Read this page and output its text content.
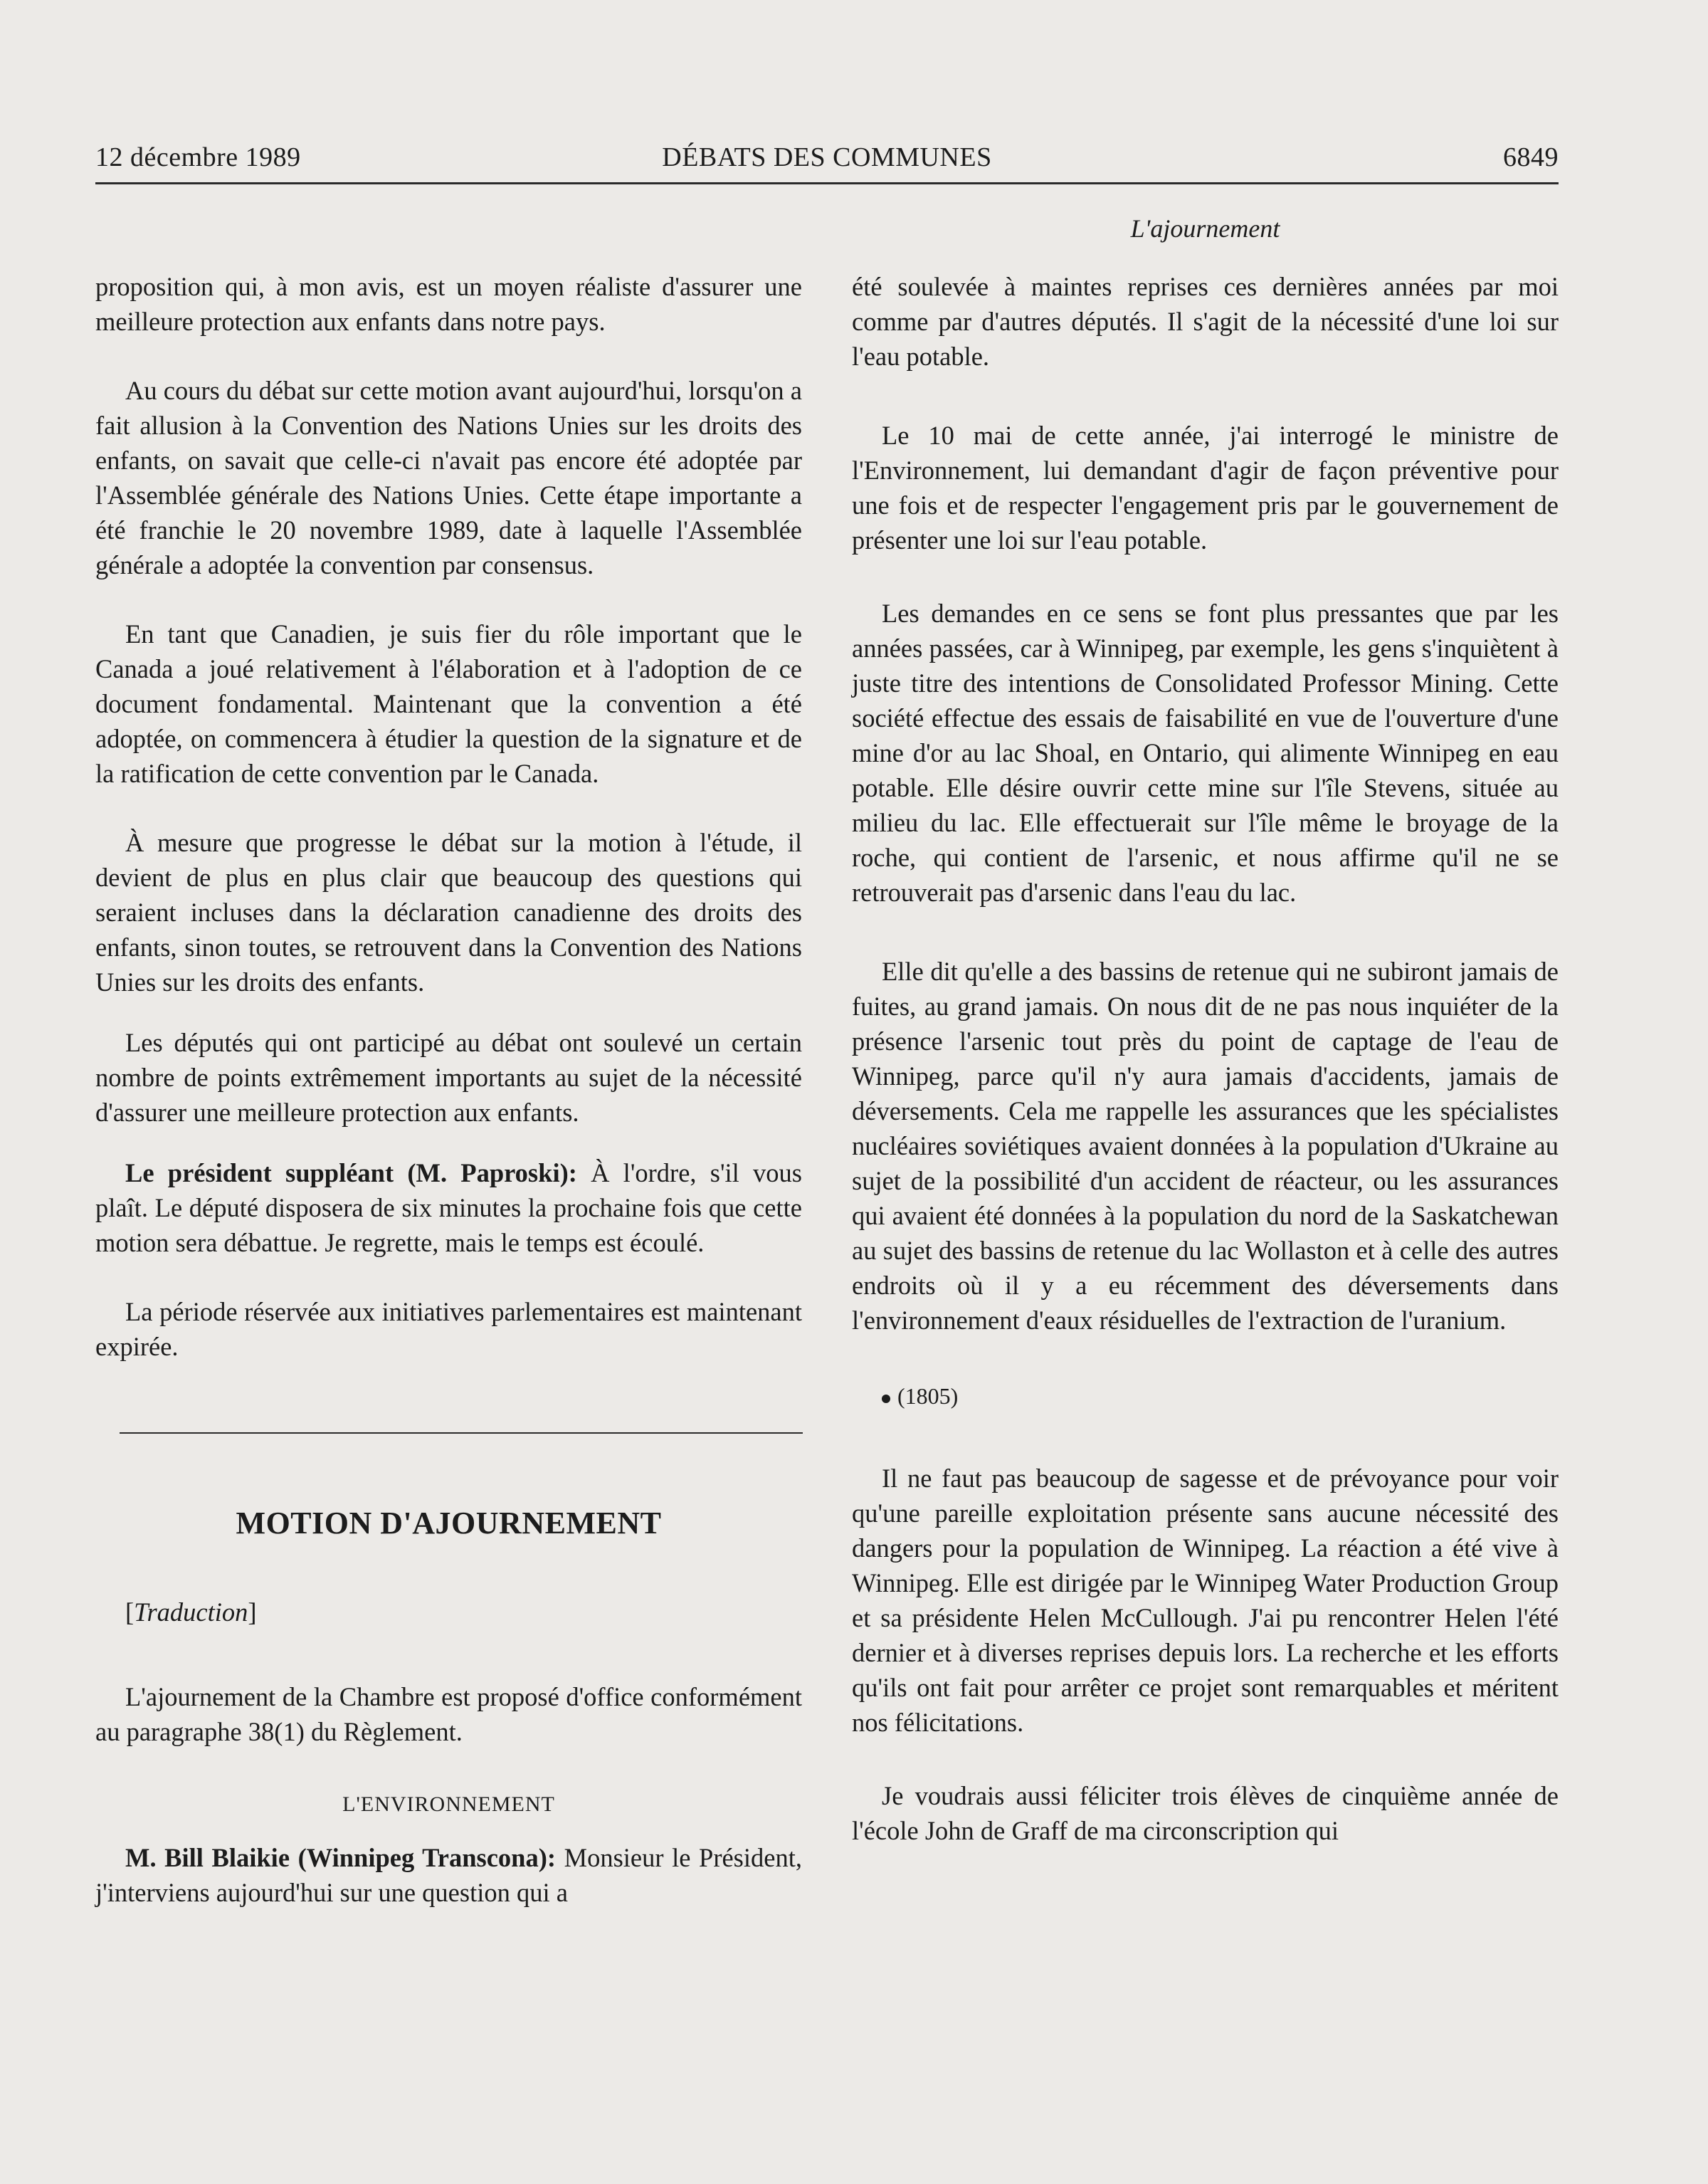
12 décembre 1989	DÉBATS DES COMMUNES	6849
L'ajournement

proposition qui, à mon avis, est un moyen réaliste d'assurer une meilleure protection aux enfants dans notre pays.

Au cours du débat sur cette motion avant aujourd'hui, lorsqu'on a fait allusion à la Convention des Nations Unies sur les droits des enfants, on savait que celle-ci n'avait pas encore été adoptée par l'Assemblée générale des Nations Unies. Cette étape importante a été franchie le 20 novembre 1989, date à laquelle l'Assemblée générale a adoptée la convention par consensus.

En tant que Canadien, je suis fier du rôle important que le Canada a joué relativement à l'élaboration et à l'adoption de ce document fondamental. Maintenant que la convention a été adoptée, on commencera à étudier la question de la signature et de la ratification de cette convention par le Canada.

À mesure que progresse le débat sur la motion à l'étude, il devient de plus en plus clair que beaucoup des questions qui seraient incluses dans la déclaration canadienne des droits des enfants, sinon toutes, se retrouvent dans la Convention des Nations Unies sur les droits des enfants.

Les députés qui ont participé au débat ont soulevé un certain nombre de points extrêmement importants au sujet de la nécessité d'assurer une meilleure protection aux enfants.

Le président suppléant (M. Paproski): À l'ordre, s'il vous plaît. Le député disposera de six minutes la prochaine fois que cette motion sera débattue. Je regrette, mais le temps est écoulé.

La période réservée aux initiatives parlementaires est maintenant expirée.

MOTION D'AJOURNEMENT

[Traduction]

L'ajournement de la Chambre est proposé d'office conformément au paragraphe 38(1) du Règlement.

L'ENVIRONNEMENT

M. Bill Blaikie (Winnipeg Transcona): Monsieur le Président, j'interviens aujourd'hui sur une question qui a

été soulevée à maintes reprises ces dernières années par moi comme par d'autres députés. Il s'agit de la nécessité d'une loi sur l'eau potable.

Le 10 mai de cette année, j'ai interrogé le ministre de l'Environnement, lui demandant d'agir de façon préventive pour une fois et de respecter l'engagement pris par le gouvernement de présenter une loi sur l'eau potable.

Les demandes en ce sens se font plus pressantes que par les années passées, car à Winnipeg, par exemple, les gens s'inquiètent à juste titre des intentions de Consolidated Professor Mining. Cette société effectue des essais de faisabilité en vue de l'ouverture d'une mine d'or au lac Shoal, en Ontario, qui alimente Winnipeg en eau potable. Elle désire ouvrir cette mine sur l'île Stevens, située au milieu du lac. Elle effectuerait sur l'île même le broyage de la roche, qui contient de l'arsenic, et nous affirme qu'il ne se retrouverait pas d'arsenic dans l'eau du lac.

Elle dit qu'elle a des bassins de retenue qui ne subiront jamais de fuites, au grand jamais. On nous dit de ne pas nous inquiéter de la présence l'arsenic tout près du point de captage de l'eau de Winnipeg, parce qu'il n'y aura jamais d'accidents, jamais de déversements. Cela me rappelle les assurances que les spécialistes nucléaires soviétiques avaient données à la population d'Ukraine au sujet de la possibilité d'un accident de réacteur, ou les assurances qui avaient été données à la population du nord de la Saskatchewan au sujet des bassins de retenue du lac Wollaston et à celle des autres endroits où il y a eu récemment des déversements dans l'environnement d'eaux résiduelles de l'extraction de l'uranium.

(1805)

Il ne faut pas beaucoup de sagesse et de prévoyance pour voir qu'une pareille exploitation présente sans aucune nécessité des dangers pour la population de Winnipeg. La réaction a été vive à Winnipeg. Elle est dirigée par le Winnipeg Water Production Group et sa présidente Helen McCullough. J'ai pu rencontrer Helen l'été dernier et à diverses reprises depuis lors. La recherche et les efforts qu'ils ont fait pour arrêter ce projet sont remarquables et méritent nos félicitations.

Je voudrais aussi féliciter trois élèves de cinquième année de l'école John de Graff de ma circonscription qui
